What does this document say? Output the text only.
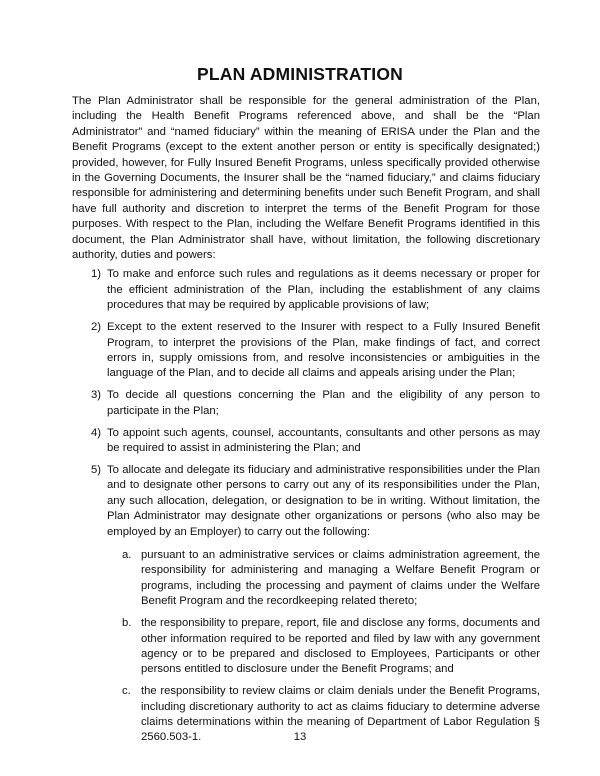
PLAN ADMINISTRATION

The Plan Administrator shall be responsible for the general administration of the Plan, including the Health Benefit Programs referenced above, and shall be the “Plan Administrator” and “named fiduciary” within the meaning of ERISA under the Plan and the Benefit Programs (except to the extent another person or entity is specifically designated;) provided, however, for Fully Insured Benefit Programs, unless specifically provided otherwise in the Governing Documents, the Insurer shall be the “named fiduciary,” and claims fiduciary responsible for administering and determining benefits under such Benefit Program, and shall have full authority and discretion to interpret the terms of the Benefit Program for those purposes. With respect to the Plan, including the Welfare Benefit Programs identified in this document, the Plan Administrator shall have, without limitation, the following discretionary authority, duties and powers:

1) To make and enforce such rules and regulations as it deems necessary or proper for the efficient administration of the Plan, including the establishment of any claims procedures that may be required by applicable provisions of law;
2) Except to the extent reserved to the Insurer with respect to a Fully Insured Benefit Program, to interpret the provisions of the Plan, make findings of fact, and correct errors in, supply omissions from, and resolve inconsistencies or ambiguities in the language of the Plan, and to decide all claims and appeals arising under the Plan;
3) To decide all questions concerning the Plan and the eligibility of any person to participate in the Plan;
4) To appoint such agents, counsel, accountants, consultants and other persons as may be required to assist in administering the Plan; and
5) To allocate and delegate its fiduciary and administrative responsibilities under the Plan and to designate other persons to carry out any of its responsibilities under the Plan, any such allocation, delegation, or designation to be in writing. Without limitation, the Plan Administrator may designate other organizations or persons (who also may be employed by an Employer) to carry out the following:
a. pursuant to an administrative services or claims administration agreement, the responsibility for administering and managing a Welfare Benefit Program or programs, including the processing and payment of claims under the Welfare Benefit Program and the recordkeeping related thereto;
b. the responsibility to prepare, report, file and disclose any forms, documents and other information required to be reported and filed by law with any government agency or to be prepared and disclosed to Employees, Participants or other persons entitled to disclosure under the Benefit Programs; and
c. the responsibility to review claims or claim denials under the Benefit Programs, including discretionary authority to act as claims fiduciary to determine adverse claims determinations within the meaning of Department of Labor Regulation § 2560.503-1.	13
